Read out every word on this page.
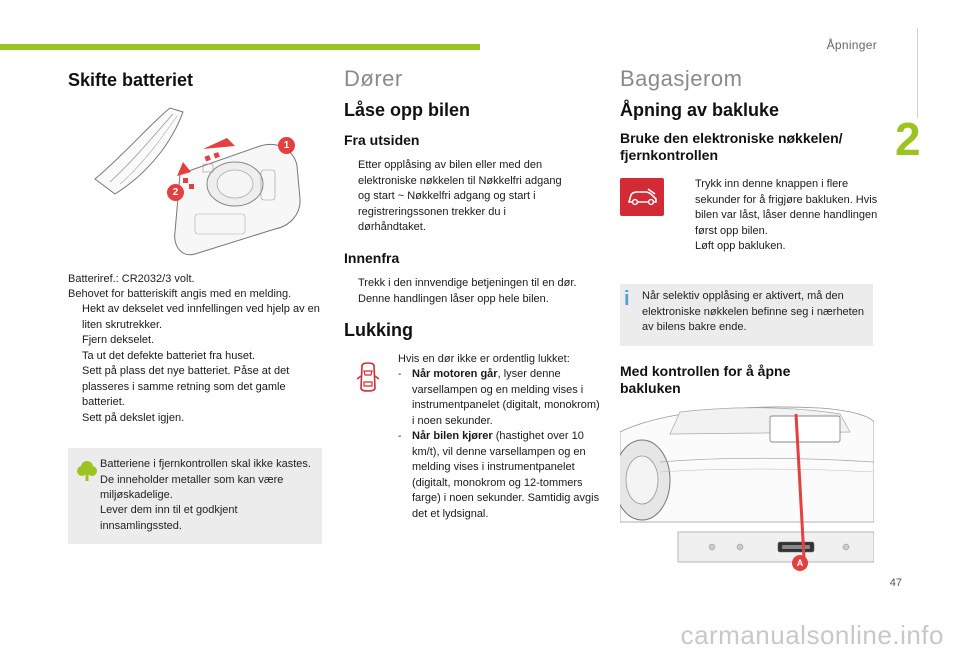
Åpninger
2
47
carmanualsonline.info
Skifte batteriet
1
2
Batteriref.: CR2032/3 volt.
Behovet for batteriskift angis med en melding.
Hekt av dekselet ved innfellingen ved hjelp av en liten skrutrekker.
Fjern dekselet.
Ta ut det defekte batteriet fra huset.
Sett på plass det nye batteriet. Påse at det plasseres i samme retning som det gamle batteriet.
Sett på dekslet igjen.
Batteriene i fjernkontrollen skal ikke kastes. De inneholder metaller som kan være miljøskadelige.
Lever dem inn til et godkjent innsamlingssted.
Dører
Låse opp bilen
Fra utsiden
Etter opplåsing av bilen eller med den elektroniske nøkkelen til Nøkkelfri adgang og start ~ Nøkkelfri adgang og start i registreringssonen trekker du i dørhåndtaket.
Innenfra
Trekk i den innvendige betjeningen til en dør. Denne handlingen låser opp hele bilen.
Lukking
Hvis en dør ikke er ordentlig lukket:
- Når motoren går, lyser denne varsellampen og en melding vises i instrumentpanelet (digitalt, monokrom) i noen sekunder.
- Når bilen kjører (hastighet over 10 km/t), vil denne varsellampen og en melding vises i instrumentpanelet (digitalt, monokrom og 12-tommers farge) i noen sekunder. Samtidig avgis det et lydsignal.
Bagasjerom
Åpning av bakluke
Bruke den elektroniske nøkkelen/ fjernkontrollen
Trykk inn denne knappen i flere sekunder for å frigjøre bakluken. Hvis bilen var låst, låser denne handlingen først opp bilen.
Løft opp bakluken.
i	Når selektiv opplåsing er aktivert, må den elektroniske nøkkelen befinne seg i nærheten av bilens bakre ende.
Med kontrollen for å åpne bakluken
A
